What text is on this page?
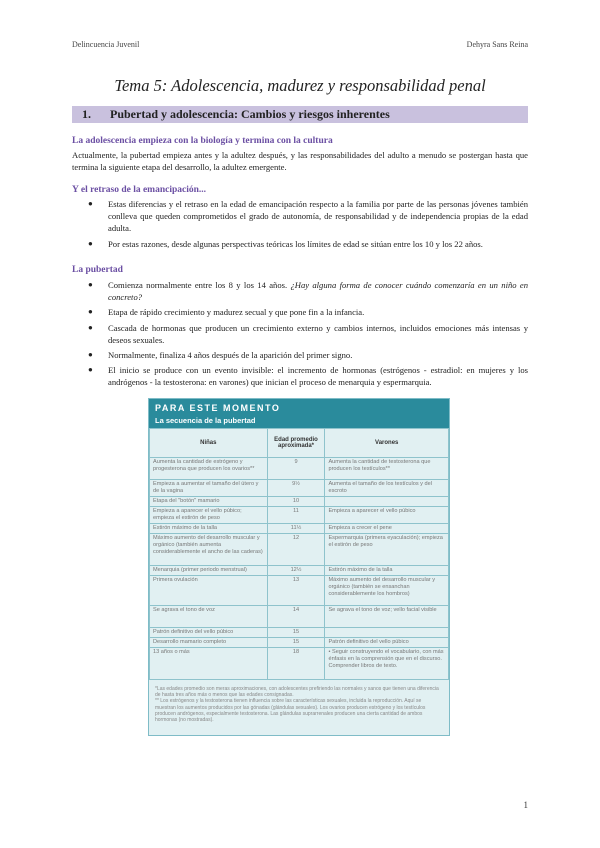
Delincuencia Juvenil	Dehyra Sans Reina
Tema 5: Adolescencia, madurez y responsabilidad penal
1. Pubertad y adolescencia: Cambios y riesgos inherentes
La adolescencia empieza con la biología y termina con la cultura
Actualmente, la pubertad empieza antes y la adultez después, y las responsabilidades del adulto a menudo se postergan hasta que termina la siguiente etapa del desarrollo, la adultez emergente.
Y el retraso de la emancipación...
● Estas diferencias y el retraso en la edad de emancipación respecto a la familia por parte de las personas jóvenes también conlleva que queden comprometidos el grado de autonomía, de responsabilidad y de independencia propias de la edad adulta.
● Por estas razones, desde algunas perspectivas teóricas los límites de edad se sitúan entre los 10 y los 22 años.
La pubertad
● Comienza normalmente entre los 8 y los 14 años. ¿Hay alguna forma de conocer cuándo comenzaría en un niño en concreto?
● Etapa de rápido crecimiento y madurez secual y que pone fin a la infancia.
● Cascada de hormonas que producen un crecimiento externo y cambios internos, incluidos emociones más intensas y deseos sexuales.
● Normalmente, finaliza 4 años después de la aparición del primer signo.
● El inicio se produce con un evento invisible: el incremento de hormonas (estrógenos - estradiol: en mujeres y los andrógenos - la testosterona: en varones) que inician el proceso de menarquia y espermarquia.
PARA ESTE MOMENTO
La secuencia de la pubertad
Niñas	Edad promedio aproximada*	Varones
Aumenta la cantidad de estrógeno y progesterona que producen los ovarios**	9	Aumenta la cantidad de testosterona que producen los testículos**
Empieza a aumentar el tamaño del útero y de la vagina	9½	Aumenta el tamaño de los testículos y del escroto
Etapa del "botón" mamario	10	
Empieza a aparecer el vello púbico; empieza el estirón de peso	11	Empieza a aparecer el vello púbico
Estirón máximo de la talla	11½	Empieza a crecer el pene
Máximo aumento del desarrollo muscular y orgánico (también aumenta considerablemente el ancho de las caderas)	12	Espermarquia (primera eyaculación); empieza el estirón de peso
Menarquia (primer periodo menstrual)	12½	Estirón máximo de la talla
Primera ovulación	13	Máximo aumento del desarrollo muscular y orgánico (también se ensanchan considerablemente los hombros)
Se agrava el tono de voz	14	Se agrava el tono de voz; vello facial visible
Patrón definitivo del vello púbico	15	
Desarrollo mamario completo	15	Patrón definitivo del vello púbico
13 años o más	18	• Seguir construyendo el vocabulario, con más énfasis en la comprensión que en el discurso. Comprender libros de texto.
*Las edades promedio son meras aproximaciones, con adolescentes prefiriendo las normales y sanos que tienen una diferencia de hasta tres años más o menos que las edades consignadas.
** Los estrógenos y la testosterona tienen influencia sobre las características sexuales, incluida la reproducción. Aquí se muestran los aumentos producidos por las gónadas (glándulas sexuales). Los ovarios producen estrógeno y los testículos producen andrógenos, especialmente testosterona. Las glándulas suprarrenales producen una cierta cantidad de ambos hormonas (no mostradas).
1
